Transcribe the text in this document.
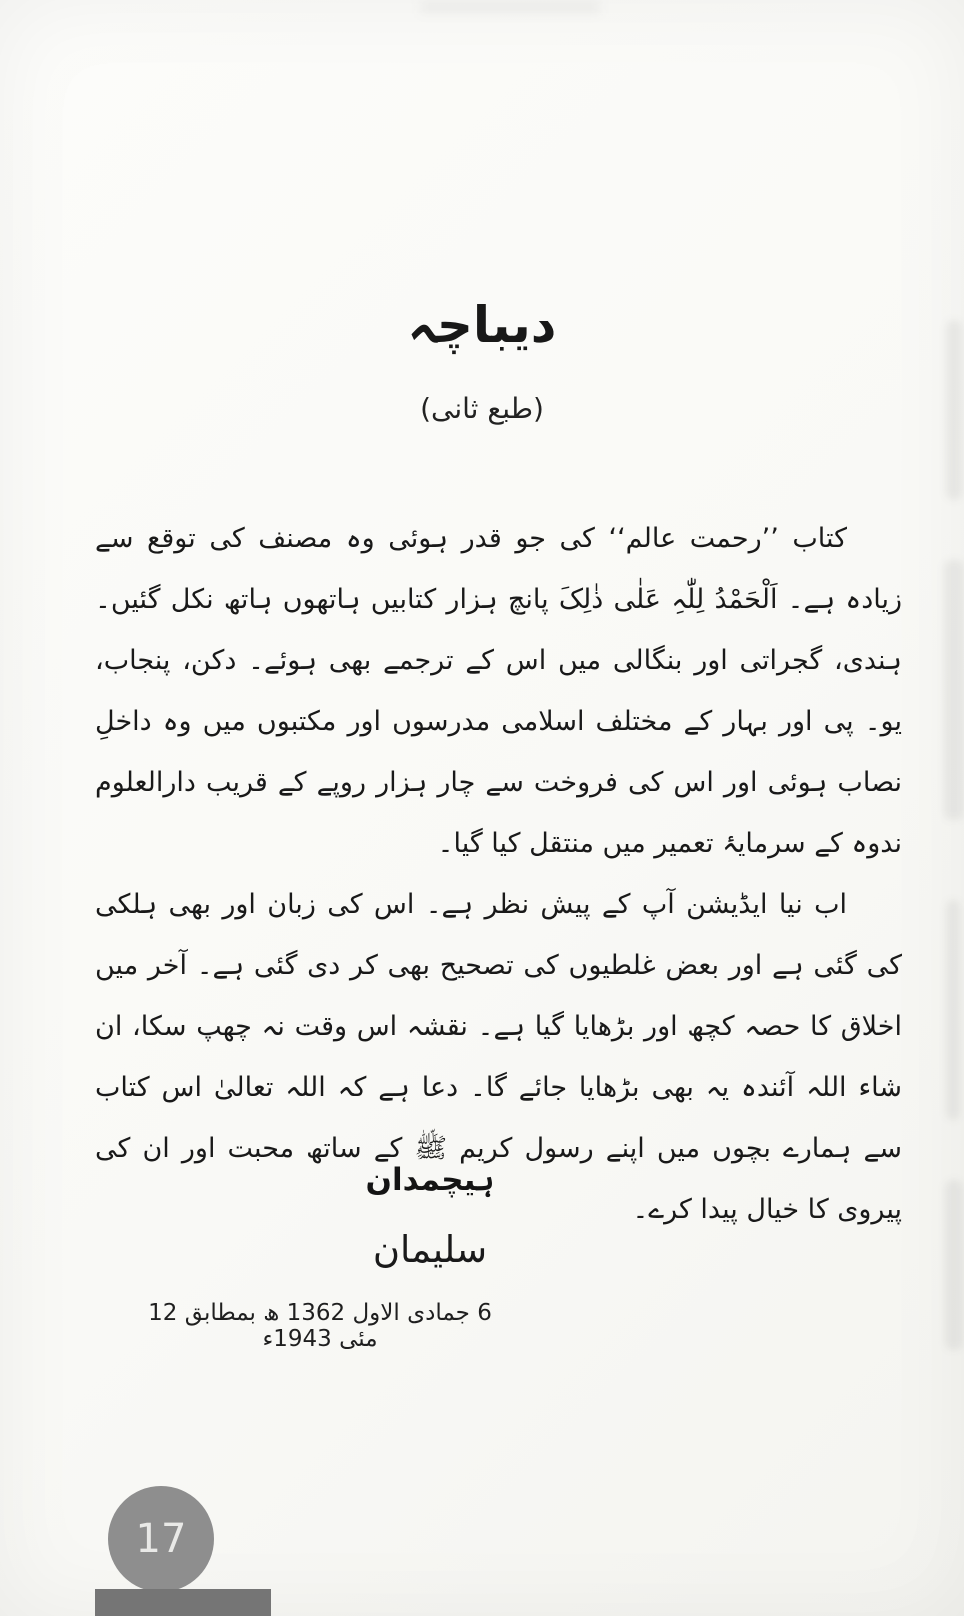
دیباچہ
(طبع ثانی)

کتاب ’’رحمت عالم‘‘ کی جو قدر ہوئی وہ مصنف کی توقع سے زیادہ ہے۔ اَلْحَمْدُ لِلّٰہِ عَلٰی ذٰلِکَ پانچ ہزار کتابیں ہاتھوں ہاتھ نکل گئیں۔ ہندی، گجراتی اور بنگالی میں اس کے ترجمے بھی ہوئے۔ دکن، پنجاب، یو۔ پی اور بہار کے مختلف اسلامی مدرسوں اور مکتبوں میں وہ داخلِ نصاب ہوئی اور اس کی فروخت سے چار ہزار روپے کے قریب دارالعلوم ندوہ کے سرمایۂ تعمیر میں منتقل کیا گیا۔

اب نیا ایڈیشن آپ کے پیش نظر ہے۔ اس کی زبان اور بھی ہلکی کی گئی ہے اور بعض غلطیوں کی تصحیح بھی کر دی گئی ہے۔ آخر میں اخلاق کا حصہ کچھ اور بڑھایا گیا ہے۔ نقشہ اس وقت نہ چھپ سکا، ان شاء اللہ آئندہ یہ بھی بڑھایا جائے گا۔ دعا ہے کہ اللہ تعالیٰ اس کتاب سے ہمارے بچوں میں اپنے رسول کریم ﷺ کے ساتھ محبت اور ان کی پیروی کا خیال پیدا کرے۔

ہیچمدان
سلیمان
6 جمادی الاول 1362 ھ بمطابق 12 مئی 1943ء
17
